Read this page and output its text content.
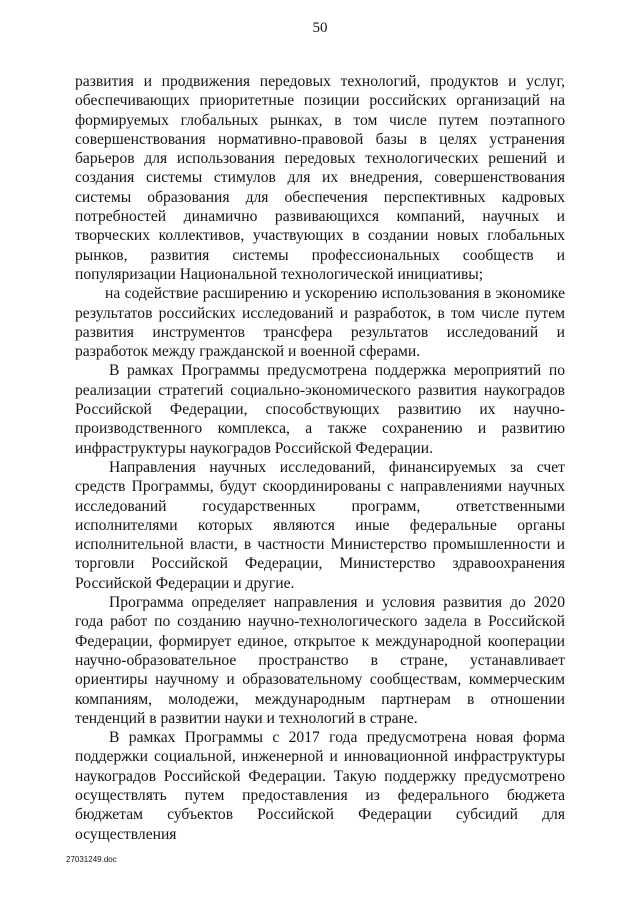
50

развития и продвижения передовых технологий, продуктов и услуг, обеспечивающих приоритетные позиции российских организаций на формируемых глобальных рынках, в том числе путем поэтапного совершенствования нормативно-правовой базы в целях устранения барьеров для использования передовых технологических решений и создания системы стимулов для их внедрения, совершенствования системы образования для обеспечения перспективных кадровых потребностей динамично развивающихся компаний, научных и творческих коллективов, участвующих в создании новых глобальных рынков, развития системы профессиональных сообществ и популяризации Национальной технологической инициативы;

на содействие расширению и ускорению использования в экономике результатов российских исследований и разработок, в том числе путем развития инструментов трансфера результатов исследований и разработок между гражданской и военной сферами.

В рамках Программы предусмотрена поддержка мероприятий по реализации стратегий социально-экономического развития наукоградов Российской Федерации, способствующих развитию их научно-производственного комплекса, а также сохранению и развитию инфраструктуры наукоградов Российской Федерации.

Направления научных исследований, финансируемых за счет средств Программы, будут скоординированы с направлениями научных исследований государственных программ, ответственными исполнителями которых являются иные федеральные органы исполнительной власти, в частности Министерство промышленности и торговли Российской Федерации, Министерство здравоохранения Российской Федерации и другие.

Программа определяет направления и условия развития до 2020 года работ по созданию научно-технологического задела в Российской Федерации, формирует единое, открытое к международной кооперации научно-образовательное пространство в стране, устанавливает ориентиры научному и образовательному сообществам, коммерческим компаниям, молодежи, международным партнерам в отношении тенденций в развитии науки и технологий в стране.

В рамках Программы с 2017 года предусмотрена новая форма поддержки социальной, инженерной и инновационной инфраструктуры наукоградов Российской Федерации. Такую поддержку предусмотрено осуществлять путем предоставления из федерального бюджета бюджетам субъектов Российской Федерации субсидий для осуществления

27031249.doc
